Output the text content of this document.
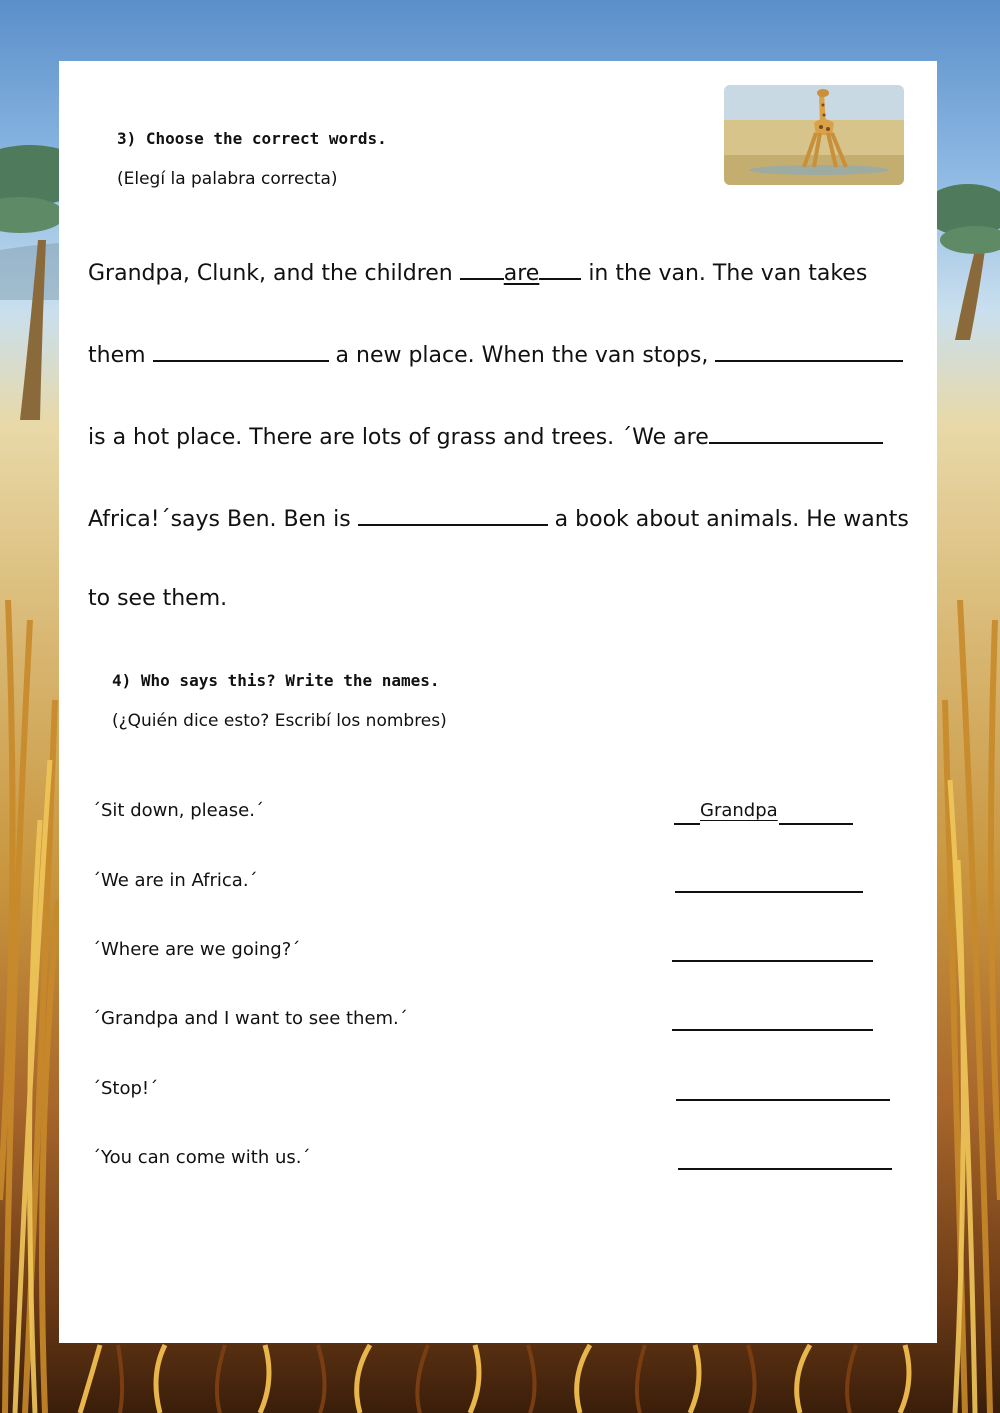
3) Choose the correct words.
(Elegí la palabra correcta)
Grandpa, Clunk, and the children are in the van. The van takes
them	a new place. When the van stops,
is a hot place. There are lots of grass and trees. ´We are
Africa!´says Ben. Ben is	a book about animals. He wants
to see them.
4) Who says this? Write the names.
(¿Quién dice esto? Escribí los nombres)
´Sit down, please.´	Grandpa
´We are in Africa.´
´Where are we going?´
´Grandpa and I want to see them.´
´Stop!´
´You can come with us.´
